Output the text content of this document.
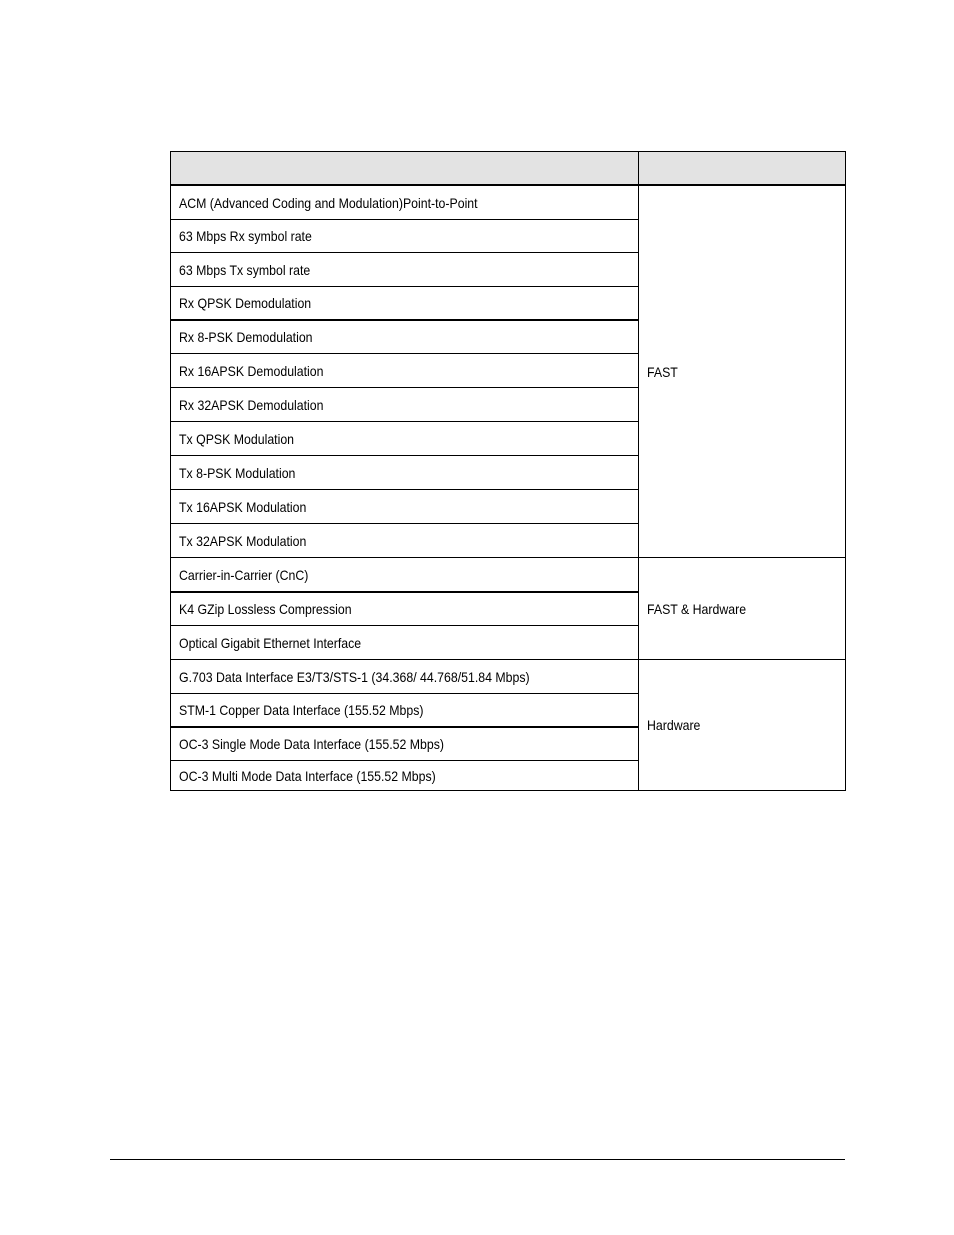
ACM (Advanced Coding and Modulation)Point-to-Point	FAST
63 Mbps Rx symbol rate	
63 Mbps Tx symbol rate	
Rx QPSK Demodulation	
Rx 8-PSK Demodulation	
Rx 16APSK Demodulation	
Rx 32APSK Demodulation	
Tx QPSK Modulation	
Tx 8-PSK Modulation	
Tx 16APSK Modulation	
Tx 32APSK Modulation	
Carrier-in-Carrier (CnC)	FAST & Hardware
K4 GZip Lossless Compression	
Optical Gigabit Ethernet Interface	
G.703 Data Interface E3/T3/STS-1 (34.368/ 44.768/51.84 Mbps)	Hardware
STM-1 Copper Data Interface (155.52 Mbps)	
OC-3 Single Mode Data Interface (155.52 Mbps)	
OC-3 Multi Mode Data Interface (155.52 Mbps)	
